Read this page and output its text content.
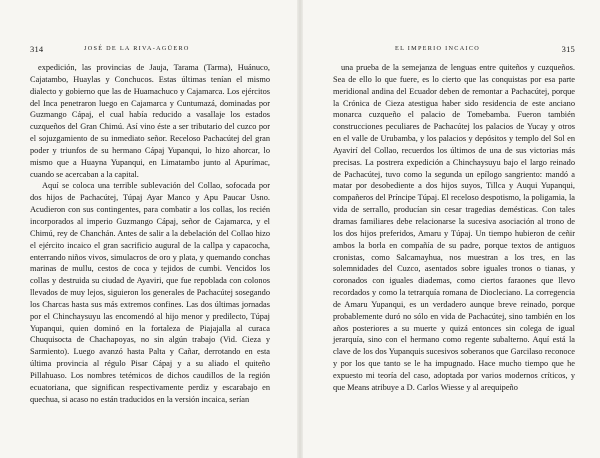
314	JOSÉ DE LA RIVA-AGÜERO

expedición, las provincias de Jauja, Tarama (Tarma), Huánuco, Cajatambo, Huaylas y Conchucos. Estas últimas tenían el mismo dialecto y gobierno que las de Huamachuco y Cajamarca. Los ejércitos del Inca penetraron luego en Cajamarca y Cuntumazá, dominadas por Guzmango Cápaj, el cual había reducido a vasallaje los estados cuzqueños del Gran Chimú. Así vino éste a ser tributario del cuzco por el sojuzgamiento de su inmediato señor. Receloso Pachacútej del gran poder y triunfos de su hermano Cápaj Yupanqui, lo hizo ahorcar, lo mismo que a Huayna Yupanqui, en Limatambo junto al Apurímac, cuando se acercaban a la capital.

Aquí se coloca una terrible sublevación del Collao, sofocada por dos hijos de Pachacútej, Túpaj Ayar Manco y Apu Paucar Usno. Acudieron con sus contingentes, para combatir a los collas, los recién incorporados al imperio Guzmango Cápaj, señor de Cajamarca, y el Chimú, rey de Chanchán. Antes de salir a la debelación del Collao hizo el ejército incaico el gran sacrificio augural de la callpa y capacocha, enterrando niños vivos, simulacros de oro y plata, y quemando conchas marinas de mullu, cestos de coca y tejidos de cumbi. Vencidos los collas y destruida su ciudad de Ayaviri, que fue repoblada con colonos llevados de muy lejos, siguieron los generales de Pachacútej sosegando los Charcas hasta sus más extremos confines. Las dos últimas jornadas por el Chinchaysuyu las encomendó al hijo menor y predilecto, Túpaj Yupanqui, quien dominó en la fortaleza de Piajajalla al curaca Chuquisocta de Chachapoyas, no sin algún trabajo (Vid. Cieza y Sarmiento). Luego avanzó hasta Palta y Cañar, derrotando en esta última provincia al régulo Pisar Cápaj y a su aliado el quiteño Pillahuaso. Los nombres tetémicos de dichos caudillos de la región ecuatoriana, que significan respectivamente perdiz y escarabajo en quechua, si acaso no están traducidos en la versión incaica, serían

EL IMPERIO INCAICO	315

una prueba de la semejanza de lenguas entre quiteños y cuzqueños. Sea de ello lo que fuere, es lo cierto que las conquistas por esa parte meridional andina del Ecuador deben de remontar a Pachacútej, porque la Crónica de Cieza atestigua haber sido residencia de este anciano monarca cuzqueño el palacio de Tomebamba. Fueron también construcciones peculiares de Pachacútej los palacios de Yucay y otros en el valle de Urubamba, y los palacios y depósitos y templo del Sol en Ayavirí del Collao, recuerdos los últimos de una de sus victorias más precisas. La postrera expedición a Chinchaysuyu bajo el largo reinado de Pachacútej, tuvo como la segunda un epílogo sangriento: mandó a matar por desobediente a dos hijos suyos, Tillca y Auqui Yupanqui, compañeros del Príncipe Túpaj. El receloso despotismo, la poligamia, la vida de serrallo, producían sin cesar tragedias demésticas. Con tales dramas familiares debe relacionarse la sucesiva asociación al trono de los dos hijos preferidos, Amaru y Túpaj. Un tiempo hubieron de ceñir ambos la borla en compañía de su padre, porque textos de antiguos cronistas, como Salcamayhua, nos muestran a los tres, en las solemnidades del Cuzco, asentados sobre iguales tronos o tianas, y coronados con iguales diademas, como ciertos faraones que llevo recordados y como la tetrarquía romana de Diocleciano. La corregencia de Amaru Yupanqui, es un verdadero aunque breve reinado, porque probablemente duró no sólo en vida de Pachacútej, sino también en los años posteriores a su muerte y quizá entonces sin colega de igual jerarquía, sino con el hermano como regente subalterno. Aquí está la clave de los dos Yupanquis sucesivos soberanos que Garcilaso reconoce y por los que tanto se le ha impugnado. Hace mucho tiempo que he expuesto mi teoría del caso, adoptada por varios modernos críticos, y que Means atribuye a D. Carlos Wiesse y al arequipeño
